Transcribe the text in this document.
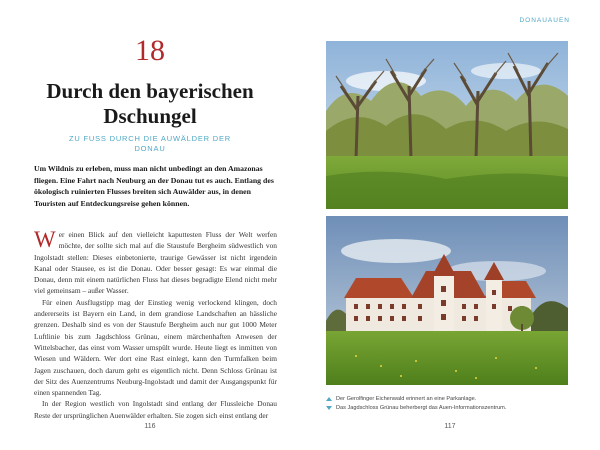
18
Durch den bayerischen Dschungel
ZU FUSS DURCH DIE AUWÄLDER DER DONAU
Um Wildnis zu erleben, muss man nicht unbedingt an den Amazonas fliegen. Eine Fahrt nach Neuburg an der Donau tut es auch. Entlang des ökologisch ruinierten Flusses breiten sich Auwälder aus, in denen Touristen auf Entdeckungsreise gehen können.

Wer einen Blick auf den vielleicht kaputtesten Fluss der Welt werfen möchte, der sollte sich mal auf die Staustufe Bergheim südwestlich von Ingolstadt stellen: Dieses einbetonierte, traurige Gewässer ist nicht irgendein Kanal oder Stausee, es ist die Donau. Oder besser gesagt: Es war einmal die Donau, denn mit einem natürlichen Fluss hat dieses begradigte Elend nicht mehr viel gemeinsam – außer Wasser.

Für einen Ausflugstipp mag der Einstieg wenig verlockend klingen, doch andererseits ist Bayern ein Land, in dem grandiose Landschaften an hässliche grenzen. Deshalb sind es von der Staustufe Bergheim auch nur gut 1000 Meter Luftlinie bis zum Jagdschloss Grünau, einem märchenhaften Anwesen der Wittelsbacher, das einst vom Wasser umspült wurde. Heute liegt es inmitten von Wiesen und Wäldern. Wer dort eine Rast einlegt, kann den Turmfalken beim Jagen zuschauen, doch darum geht es eigentlich nicht. Denn Schloss Grünau ist der Sitz des Auenzentrums Neuburg-Ingolstadt und damit der Ausgangspunkt für einen spannenden Tag.

In der Region westlich von Ingolstadt sind entlang der Flussleiche Donau Reste der ursprünglichen Auenwälder erhalten. Sie zogen sich einst entlang der

116
DONAUAUEN
Der Gerolfinger Eichenwald erinnert an eine Parkanlage.
Das Jagdschloss Grünau beherbergt das Auen-Informationszentrum.
117
